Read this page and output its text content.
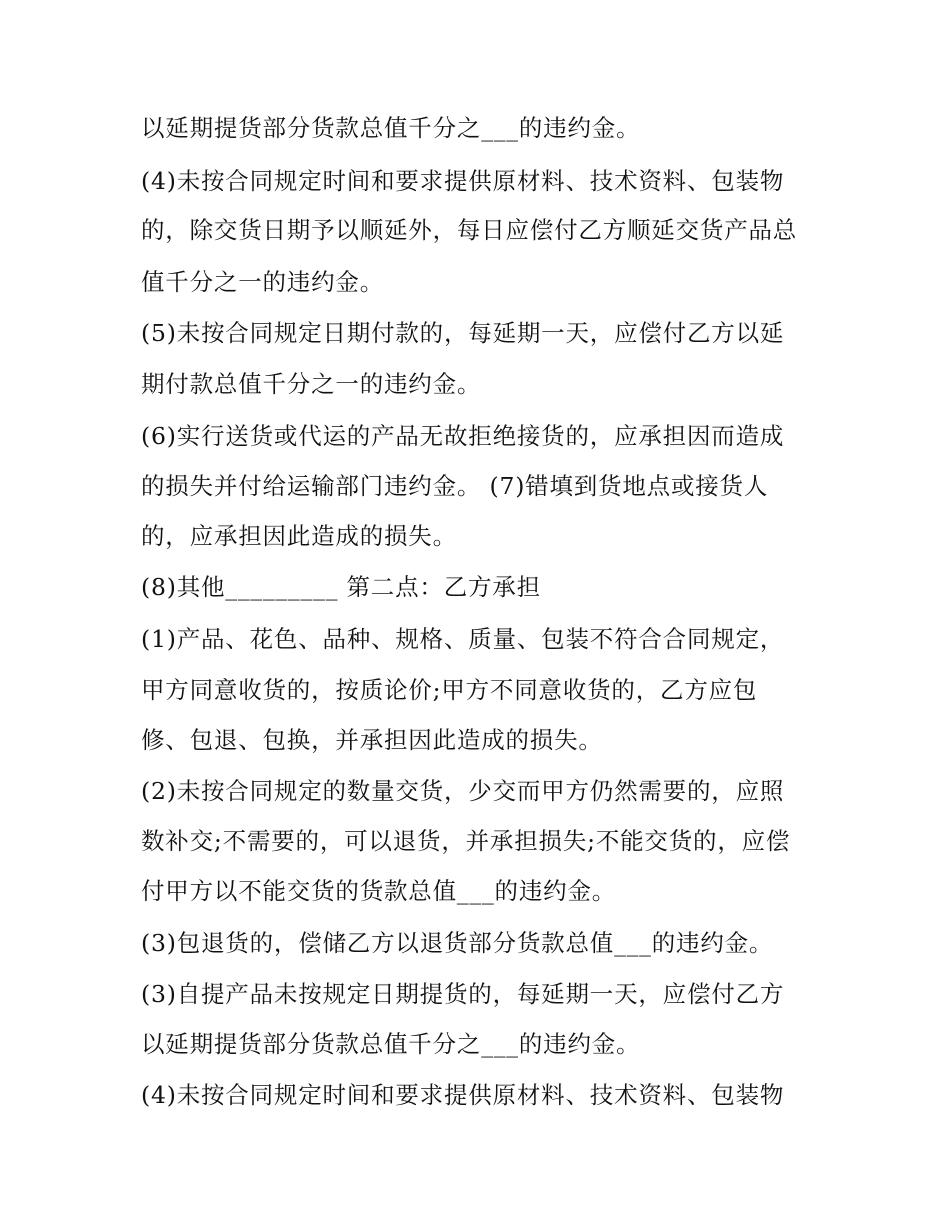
以延期提货部分货款总值千分之___的违约金。
(4)未按合同规定时间和要求提供原材料、技术资料、包装物
的，除交货日期予以顺延外，每日应偿付乙方顺延交货产品总
值千分之一的违约金。
(5)未按合同规定日期付款的，每延期一天，应偿付乙方以延
期付款总值千分之一的违约金。
(6)实行送货或代运的产品无故拒绝接货的，应承担因而造成
的损失并付给运输部门违约金。 (7)错填到货地点或接货人
的，应承担因此造成的损失。
(8)其他_________ 第二点：乙方承担
(1)产品、花色、品种、规格、质量、包装不符合合同规定，
甲方同意收货的，按质论价;甲方不同意收货的，乙方应包
修、包退、包换，并承担因此造成的损失。
(2)未按合同规定的数量交货，少交而甲方仍然需要的，应照
数补交;不需要的，可以退货，并承担损失;不能交货的，应偿
付甲方以不能交货的货款总值___的违约金。
(3)包退货的，偿储乙方以退货部分货款总值___的违约金。
(3)自提产品未按规定日期提货的，每延期一天，应偿付乙方
以延期提货部分货款总值千分之___的违约金。
(4)未按合同规定时间和要求提供原材料、技术资料、包装物
